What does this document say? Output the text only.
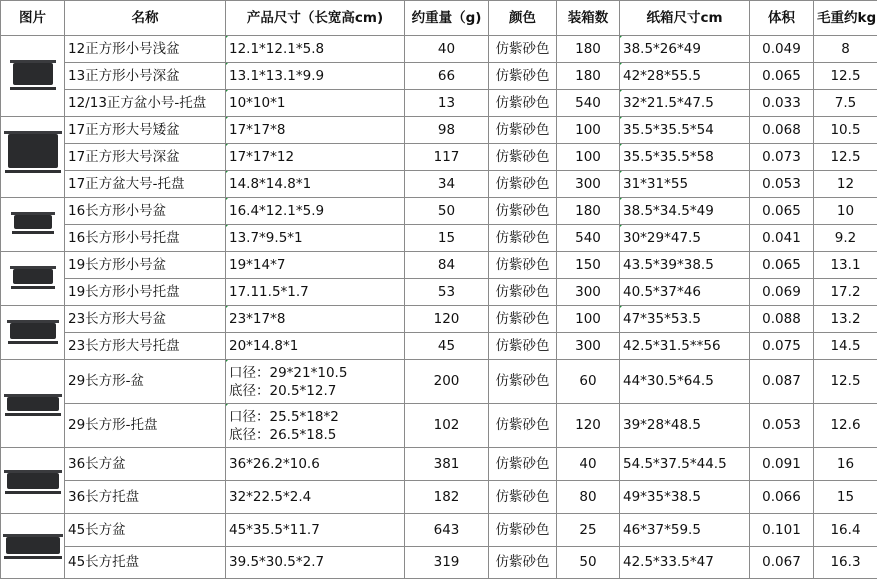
图片	名称	产品尺寸（长宽高cm)	约重量（g)	颜色	装箱数	纸箱尺寸cm	体积	毛重约kg

	12正方形小号浅盆	12.1*12.1*5.8	40	仿紫砂色	180	38.5*26*49	0.049	8
	13正方形小号深盆	13.1*13.1*9.9	66	仿紫砂色	180	42*28*55.5	0.065	12.5
	12/13正方盆小号-托盘	10*10*1	13	仿紫砂色	540	32*21.5*47.5	0.033	7.5

	17正方形大号矮盆	17*17*8	98	仿紫砂色	100	35.5*35.5*54	0.068	10.5
	17正方形大号深盆	17*17*12	117	仿紫砂色	100	35.5*35.5*58	0.073	12.5
	17正方盆大号-托盘	14.8*14.8*1	34	仿紫砂色	300	31*31*55	0.053	12

	16长方形小号盆	16.4*12.1*5.9	50	仿紫砂色	180	38.5*34.5*49	0.065	10
	16长方形小号托盘	13.7*9.5*1	15	仿紫砂色	540	30*29*47.5	0.041	9.2

	19长方形小号盆	19*14*7	84	仿紫砂色	150	43.5*39*38.5	0.065	13.1
	19长方形小号托盘	17.11.5*1.7	53	仿紫砂色	300	40.5*37*46	0.069	17.2

	23长方形大号盆	23*17*8	120	仿紫砂色	100	47*35*53.5	0.088	13.2
	23长方形大号托盘	20*14.8*1	45	仿紫砂色	300	42.5*31.5**56	0.075	14.5

	29长方形-盆	口径：29*21*10.5
底径：20.5*12.7	200	仿紫砂色	60	44*30.5*64.5	0.087	12.5
	29长方形-托盘	口径：25.5*18*2
底径：26.5*18.5	102	仿紫砂色	120	39*28*48.5	0.053	12.6

	36长方盆	36*26.2*10.6	381	仿紫砂色	40	54.5*37.5*44.5	0.091	16
	36长方托盘	32*22.5*2.4	182	仿紫砂色	80	49*35*38.5	0.066	15

	45长方盆	45*35.5*11.7	643	仿紫砂色	25	46*37*59.5	0.101	16.4
	45长方托盘	39.5*30.5*2.7	319	仿紫砂色	50	42.5*33.5*47	0.067	16.3
